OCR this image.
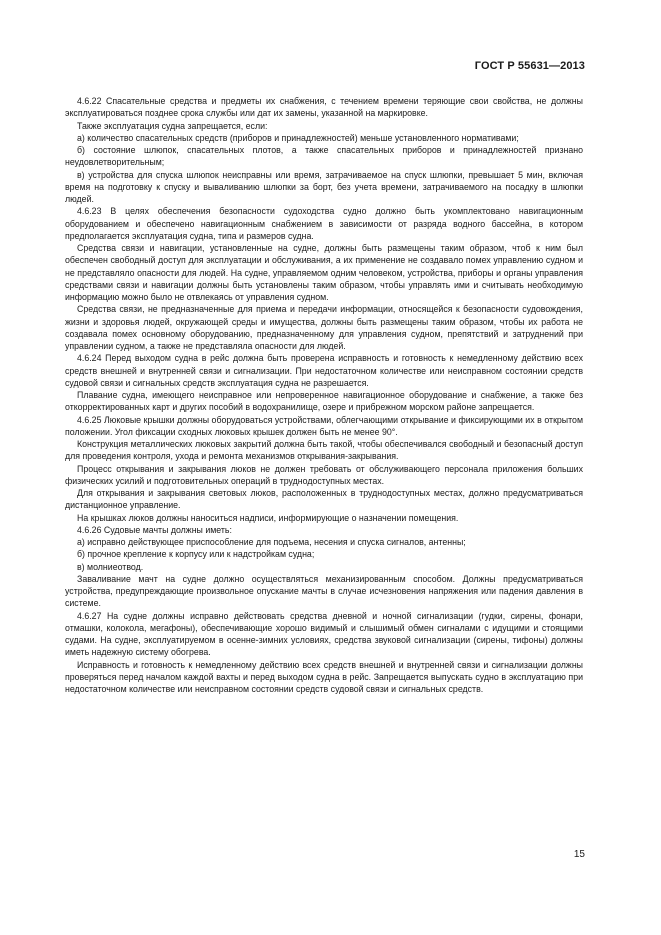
ГОСТ Р 55631—2013

4.6.22 Спасательные средства и предметы их снабжения, с течением времени теряющие свои свойства, не должны эксплуатироваться позднее срока службы или дат их замены, указанной на маркировке.

Также эксплуатация судна запрещается, если:

а) количество спасательных средств (приборов и принадлежностей) меньше установленного нормативами;

б) состояние шлюпок, спасательных плотов, а также спасательных приборов и принадлежностей признано неудовлетворительным;

в) устройства для спуска шлюпок неисправны или время, затрачиваемое на спуск шлюпки, превышает 5 мин, включая время на подготовку к спуску и вываливанию шлюпки за борт, без учета времени, затрачиваемого на посадку в шлюпки людей.

4.6.23 В целях обеспечения безопасности судоходства судно должно быть укомплектовано навигационным оборудованием и обеспечено навигационным снабжением в зависимости от разряда водного бассейна, в котором предполагается эксплуатация судна, типа и размеров судна.

Средства связи и навигации, установленные на судне, должны быть размещены таким образом, чтоб к ним был обеспечен свободный доступ для эксплуатации и обслуживания, а их применение не создавало помех управлению судном и не представляло опасности для людей. На судне, управляемом одним человеком, устройства, приборы и органы управления средствами связи и навигации должны быть установлены таким образом, чтобы управлять ими и считывать необходимую информацию можно было не отвлекаясь от управления судном.

Средства связи, не предназначенные для приема и передачи информации, относящейся к безопасности судовождения, жизни и здоровья людей, окружающей среды и имущества, должны быть размещены таким образом, чтобы их работа не создавала помех основному оборудованию, предназначенному для управления судном, препятствий и затруднений при управлении судном, а также не представляла опасности для людей.

4.6.24 Перед выходом судна в рейс должна быть проверена исправность и готовность к немедленному действию всех средств внешней и внутренней связи и сигнализации. При недостаточном количестве или неисправном состоянии средств судовой связи и сигнальных средств эксплуатация судна не разрешается.

Плавание судна, имеющего неисправное или непроверенное навигационное оборудование и снабжение, а также без откорректированных карт и других пособий в водохранилище, озере и прибрежном морском районе запрещается.

4.6.25 Люковые крышки должны оборудоваться устройствами, облегчающими открывание и фиксирующими их в открытом положении. Угол фиксации сходных люковых крышек должен быть не менее 90°.

Конструкция металлических люковых закрытий должна быть такой, чтобы обеспечивался свободный и безопасный доступ для проведения контроля, ухода и ремонта механизмов открывания-закрывания.

Процесс открывания и закрывания люков не должен требовать от обслуживающего персонала приложения больших физических усилий и подготовительных операций в труднодоступных местах.

Для открывания и закрывания световых люков, расположенных в труднодоступных местах, должно предусматриваться дистанционное управление.

На крышках люков должны наноситься надписи, информирующие о назначении помещения.

4.6.26 Судовые мачты должны иметь:

а) исправно действующее приспособление для подъема, несения и спуска сигналов, антенны;

б) прочное крепление к корпусу или к надстройкам судна;

в) молниеотвод.

Заваливание мачт на судне должно осуществляться механизированным способом. Должны предусматриваться устройства, предупреждающие произвольное опускание мачты в случае исчезновения напряжения или падения давления в системе.

4.6.27 На судне должны исправно действовать средства дневной и ночной сигнализации (гудки, сирены, фонари, отмашки, колокола, мегафоны), обеспечивающие хорошо видимый и слышимый обмен сигналами с идущими и стоящими судами. На судне, эксплуатируемом в осенне-зимних условиях, средства звуковой сигнализации (сирены, тифоны) должны иметь надежную систему обогрева.

Исправность и готовность к немедленному действию всех средств внешней и внутренней связи и сигнализации должны проверяться перед началом каждой вахты и перед выходом судна в рейс. Запрещается выпускать судно в эксплуатацию при недостаточном количестве или неисправном состоянии средств судовой связи и сигнальных средств.

15
